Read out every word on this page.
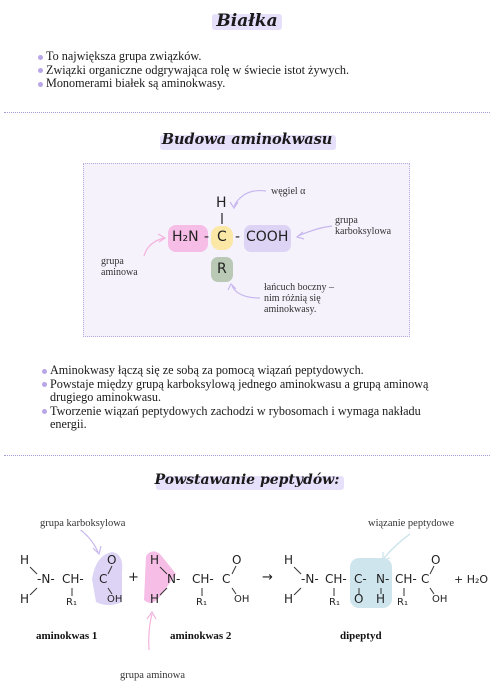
Białka
To największa grupa związków.
Związki organiczne odgrywająca rolę w świecie istot żywych.
Monomerami białek są aminokwasy.
Budowa aminokwasu
H
H₂N - C - COOH
R
węgiel α
grupa
karboksylowa
grupa
aminowa
łańcuch boczny –
nim różnią się
aminokwasy.
Aminokwasy łączą się ze sobą za pomocą wiązań peptydowych.
Powstaje między grupą karboksylową jednego aminokwasu a grupą aminową drugiego aminokwasu.
Tworzenie wiązań peptydowych zachodzi w rybosomach i wymaga nakładu energii.
Powstawanie peptydów:
grupa karboksylowa	wiązanie peptydowe
H
H
-N- CH- C
O
OH
R₁
+
H
H
N- CH- C
O
OH
R₁
→
H
H
-N- CH- C-
O
N-
H
CH- C
O
OH
R₁	R₁
+ H₂O
aminokwas 1	aminokwas 2	dipeptyd
grupa aminowa
